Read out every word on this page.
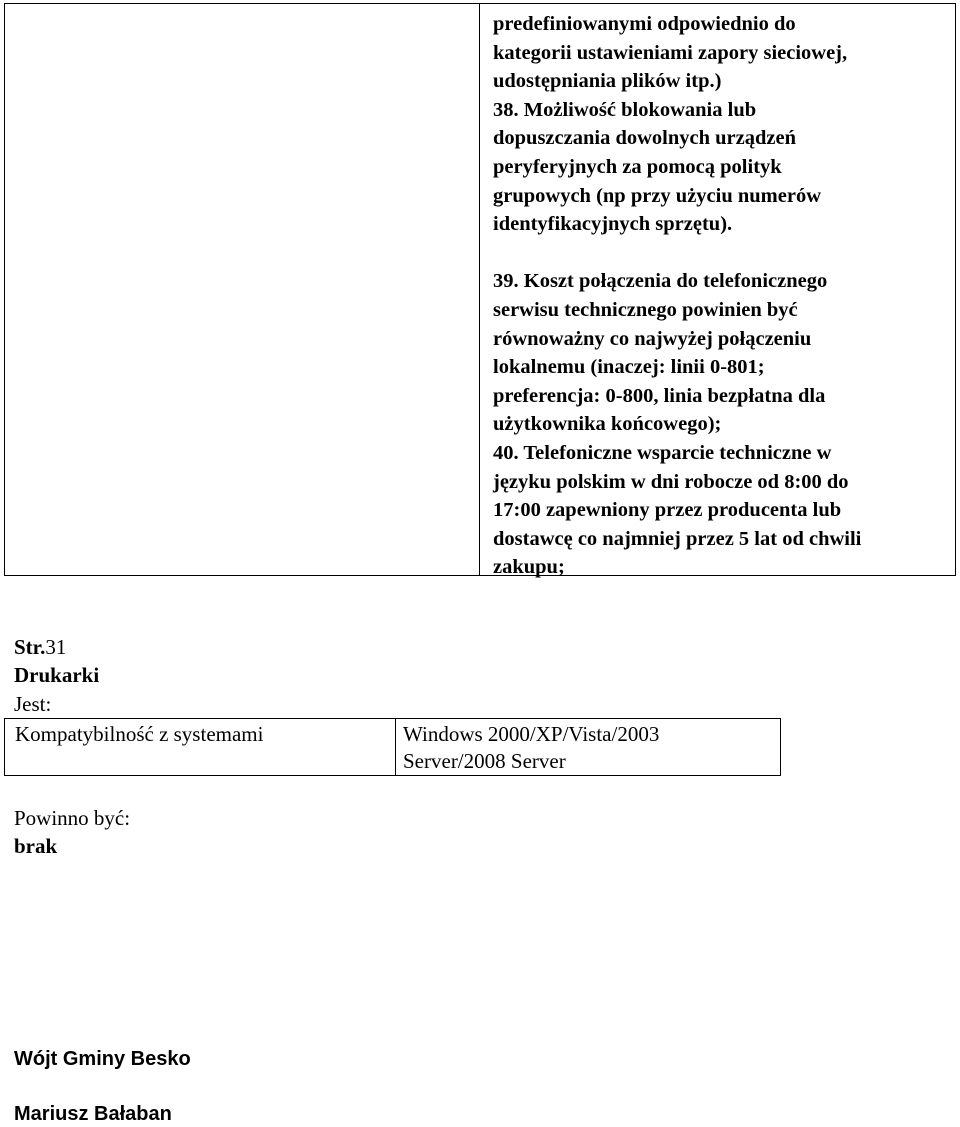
predefiniowanymi odpowiednio do
kategorii ustawieniami zapory sieciowej,
udostępniania plików itp.)
38. Możliwość blokowania lub
dopuszczania dowolnych urządzeń
peryferyjnych za pomocą polityk
grupowych (np przy użyciu numerów
identyfikacyjnych sprzętu).
39. Koszt połączenia do telefonicznego
serwisu technicznego powinien być
równoważny co najwyżej połączeniu
lokalnemu (inaczej: linii 0-801;
preferencja: 0-800, linia bezpłatna dla
użytkownika końcowego);
40. Telefoniczne wsparcie techniczne w
języku polskim w dni robocze od 8:00 do
17:00 zapewniony przez producenta lub
dostawcę co najmniej przez 5 lat od chwili
zakupu;
Str.31
Drukarki
Jest:
Kompatybilność z systemami	Windows 2000/XP/Vista/2003
Server/2008 Server
Powinno być:
brak
Wójt Gminy Besko
Mariusz Bałaban
